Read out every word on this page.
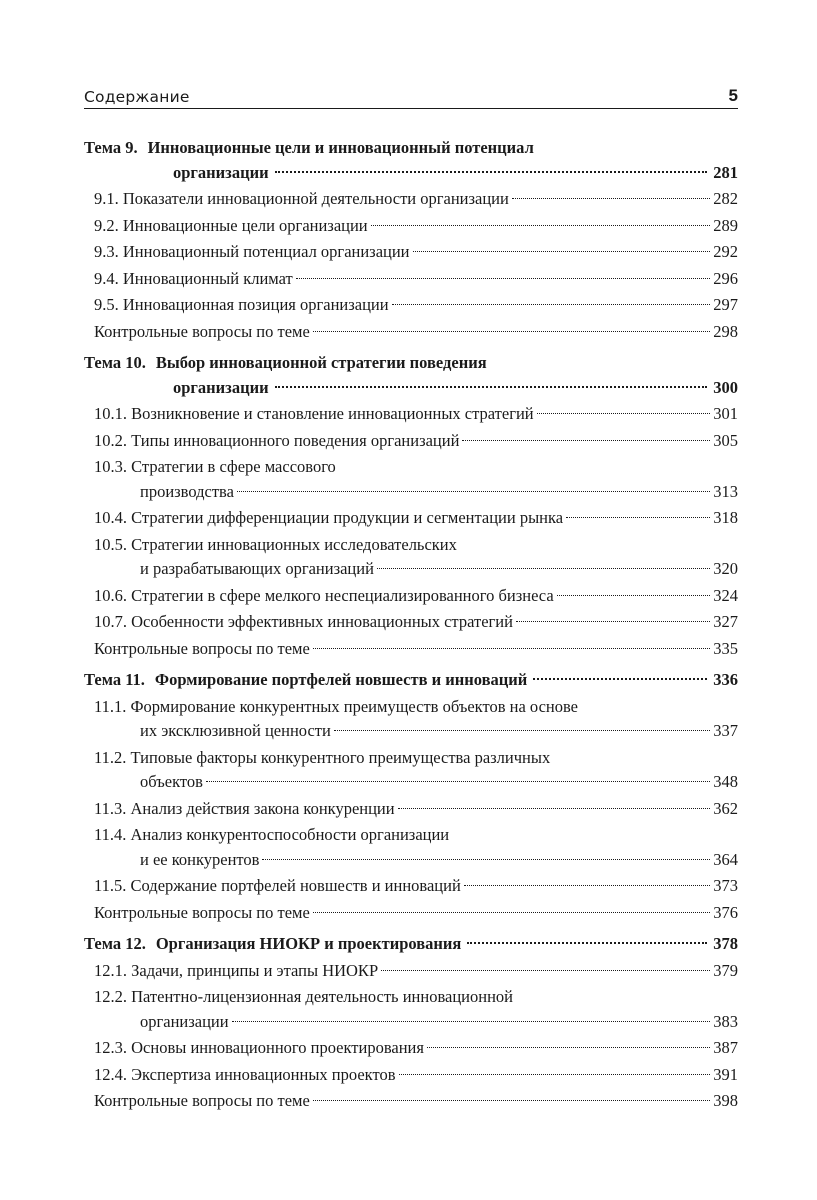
Содержание	5
Тема 9. Инновационные цели и инновационный потенциал
организации	281
9.1. Показатели инновационной деятельности организации	282
9.2. Инновационные цели организации	289
9.3. Инновационный потенциал организации	292
9.4. Инновационный климат	296
9.5. Инновационная позиция организации	297
Контрольные вопросы по теме	298
Тема 10. Выбор инновационной стратегии поведения
организации	300
10.1. Возникновение и становление инновационных стратегий	301
10.2. Типы инновационного поведения организаций	305
10.3. Стратегии в сфере массового
производства	313
10.4. Стратегии дифференциации продукции и сегментации рынка	318
10.5. Стратегии инновационных исследовательских
и разрабатывающих организаций	320
10.6. Стратегии в сфере мелкого неспециализированного бизнеса	324
10.7. Особенности эффективных инновационных стратегий	327
Контрольные вопросы по теме	335
Тема 11. Формирование портфелей новшеств и инноваций	336
11.1. Формирование конкурентных преимуществ объектов на основе
их эксклюзивной ценности	337
11.2. Типовые факторы конкурентного преимущества различных
объектов	348
11.3. Анализ действия закона конкуренции	362
11.4. Анализ конкурентоспособности организации
и ее конкурентов	364
11.5. Содержание портфелей новшеств и инноваций	373
Контрольные вопросы по теме	376
Тема 12. Организация НИОКР и проектирования	378
12.1. Задачи, принципы и этапы НИОКР	379
12.2. Патентно-лицензионная деятельность инновационной
организации	383
12.3. Основы инновационного проектирования	387
12.4. Экспертиза инновационных проектов	391
Контрольные вопросы по теме	398
